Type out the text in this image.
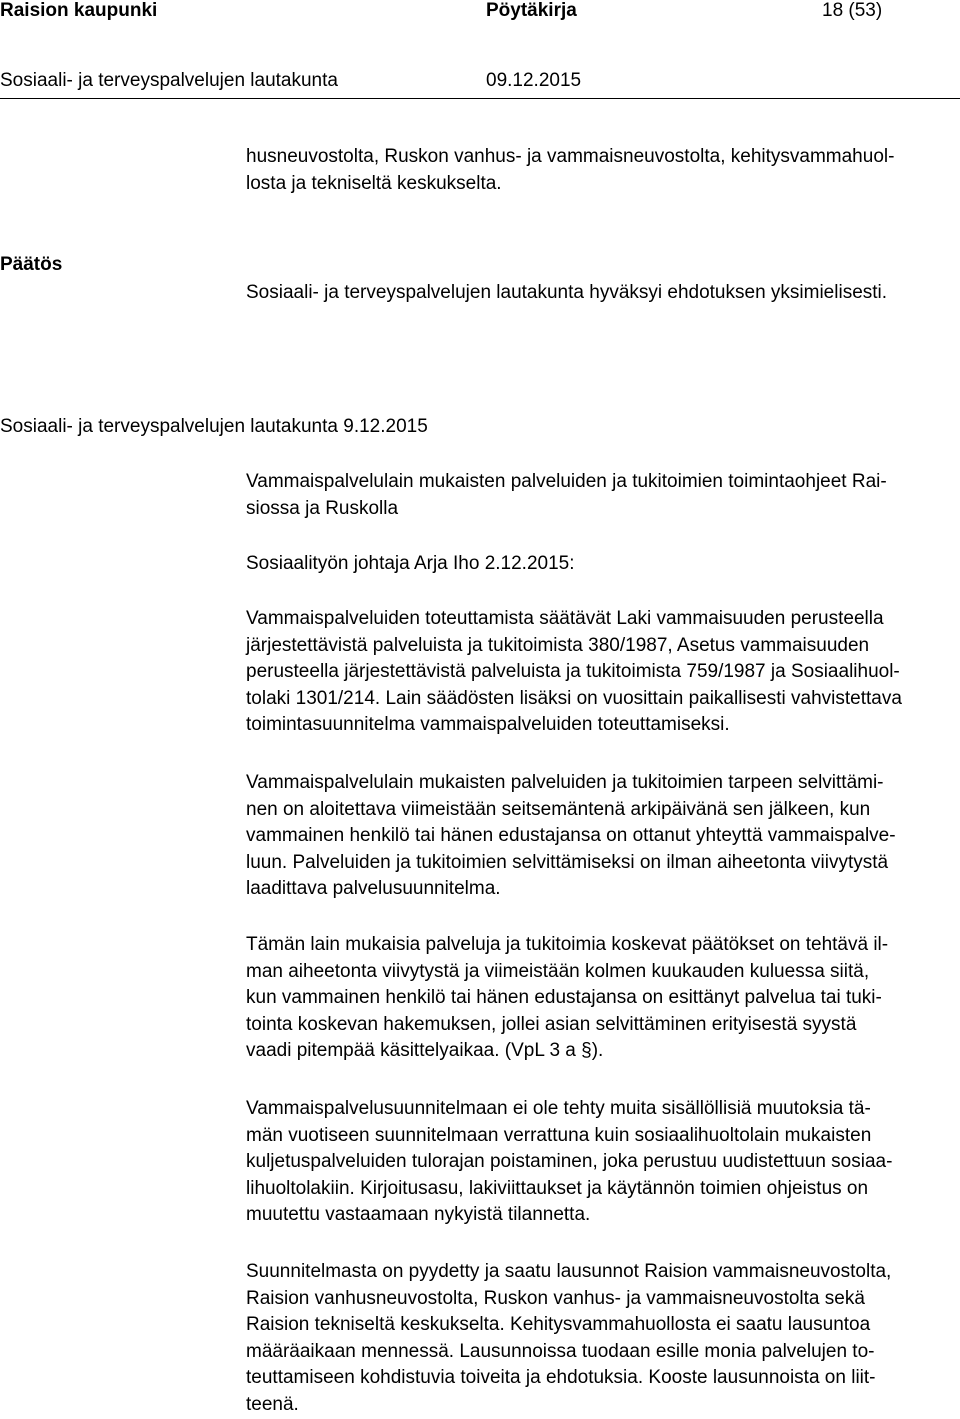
Raision kaupunki	Pöytäkirja	18 (53)
Sosiaali- ja terveyspalvelujen lautakunta	09.12.2015
husneuvostolta, Ruskon vanhus- ja vammaisneuvostolta, kehitysvammahuol-
losta ja tekniseltä keskukselta.
Päätös
Sosiaali- ja terveyspalvelujen lautakunta hyväksyi ehdotuksen yksimielisesti.
Sosiaali- ja terveyspalvelujen lautakunta 9.12.2015
Vammaispalvelulain mukaisten palveluiden ja tukitoimien toimintaohjeet Rai-
siossa ja Ruskolla
Sosiaalityön johtaja Arja Iho 2.12.2015:
Vammaispalveluiden toteuttamista säätävät Laki vammaisuuden perusteella
järjestettävistä palveluista ja tukitoimista 380/1987, Asetus vammaisuuden
perusteella järjestettävistä palveluista ja tukitoimista 759/1987 ja Sosiaalihuol-
tolaki 1301/214. Lain säädösten lisäksi on vuosittain paikallisesti vahvistettava
toimintasuunnitelma vammaispalveluiden toteuttamiseksi.
Vammaispalvelulain mukaisten palveluiden ja tukitoimien tarpeen selvittämi-
nen on aloitettava viimeistään seitsemäntenä arkipäivänä sen jälkeen, kun
vammainen henkilö tai hänen edustajansa on ottanut yhteyttä vammaispalve-
luun. Palveluiden ja tukitoimien selvittämiseksi on ilman aiheetonta viivytystä
laadittava palvelusuunnitelma.
Tämän lain mukaisia palveluja ja tukitoimia koskevat päätökset on tehtävä il-
man aiheetonta viivytystä ja viimeistään kolmen kuukauden kuluessa siitä,
kun vammainen henkilö tai hänen edustajansa on esittänyt palvelua tai tuki-
tointa koskevan hakemuksen, jollei asian selvittäminen erityisestä syystä
vaadi pitempää käsittelyaikaa. (VpL 3 a §).
Vammaispalvelusuunnitelmaan ei ole tehty muita sisällöllisiä muutoksia tä-
män vuotiseen suunnitelmaan verrattuna kuin sosiaalihuoltolain mukaisten
kuljetuspalveluiden tulorajan poistaminen, joka perustuu uudistettuun sosiaa-
lihuoltolakiin. Kirjoitusasu, lakiviittaukset ja käytännön toimien ohjeistus on
muutettu vastaamaan nykyistä tilannetta.
Suunnitelmasta on pyydetty ja saatu lausunnot Raision vammaisneuvostolta,
Raision vanhusneuvostolta, Ruskon vanhus- ja vammaisneuvostolta sekä
Raision tekniseltä keskukselta. Kehitysvammahuollosta ei saatu lausuntoa
määräaikaan mennessä. Lausunnoissa tuodaan esille monia palvelujen to-
teuttamiseen kohdistuvia toiveita ja ehdotuksia. Kooste lausunnoista on liit-
teenä.
